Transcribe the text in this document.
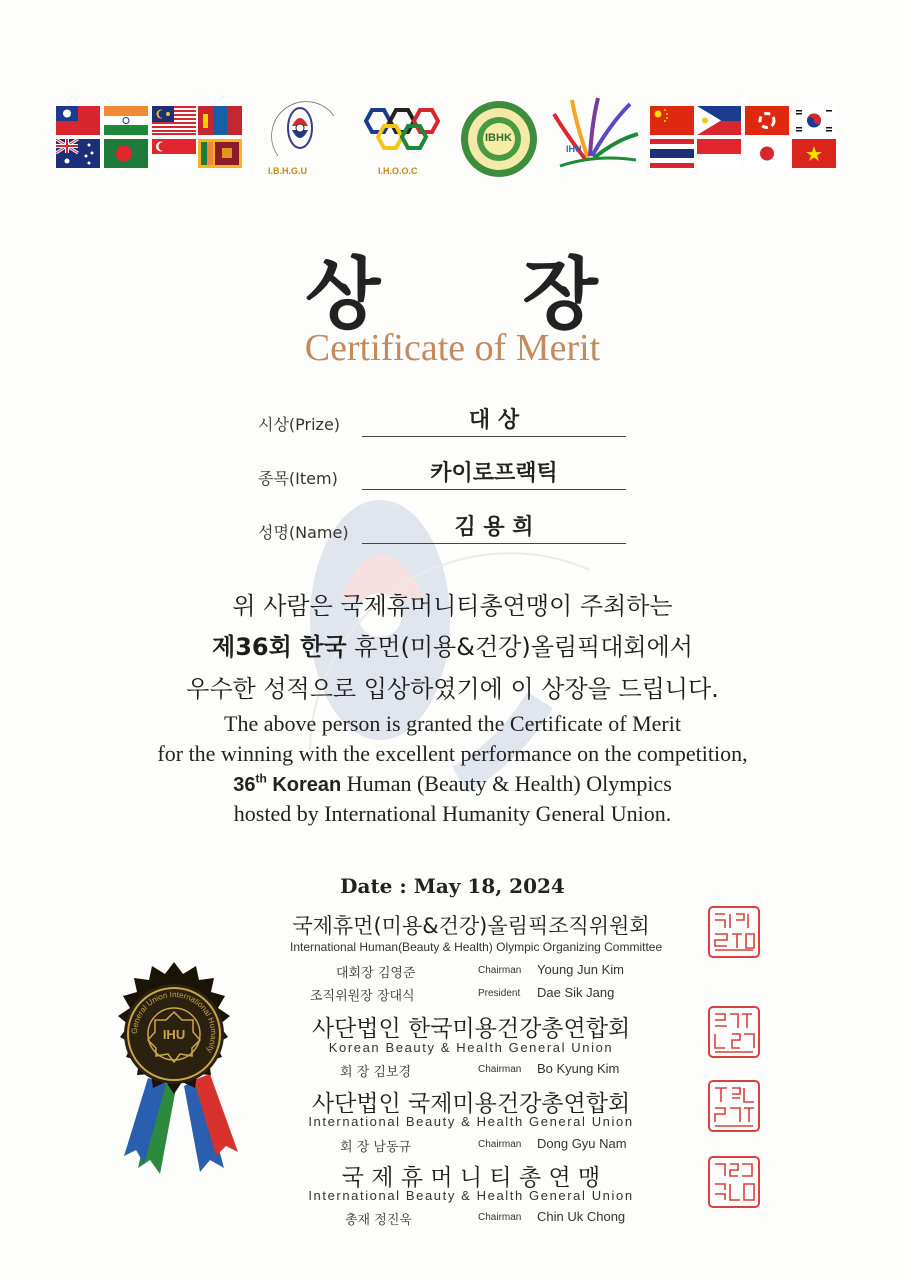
I.B.H.G.U	I.H.O.O.C
IBHK
IHU
상 장
Certificate of Merit
시상(Prize)	대 상
종목(Item)	카이로프랙틱
성명(Name)	김 용 희
위 사람은 국제휴머니티총연맹이 주최하는
제36회 한국 휴먼(미용&건강)올림픽대회에서
우수한 성적으로 입상하였기에 이 상장을 드립니다.
The above person is granted the Certificate of Merit
for the winning with the excellent performance on the competition,
36th Korean Human (Beauty & Health) Olympics
hosted by International Humanity General Union.
Date : May 18, 2024
국제휴먼(미용&건강)올림픽조직위원회
International Human(Beauty & Health) Olympic Organizing Committee
대회장 김영준	Chairman Young Jun Kim
조직위원장 장대식	President Dae Sik Jang
사단법인 한국미용건강총연합회
Korean Beauty & Health General Union
회 장 김보경	Chairman Bo Kyung Kim
사단법인 국제미용건강총연합회
International Beauty & Health General Union
회 장 남동규	Chairman Dong Gyu Nam
국 제 휴 머 니 티 총 연 맹
International Beauty & Health General Union
총재 정진욱	Chairman Chin Uk Chong
IHU
General Union International Humanity
